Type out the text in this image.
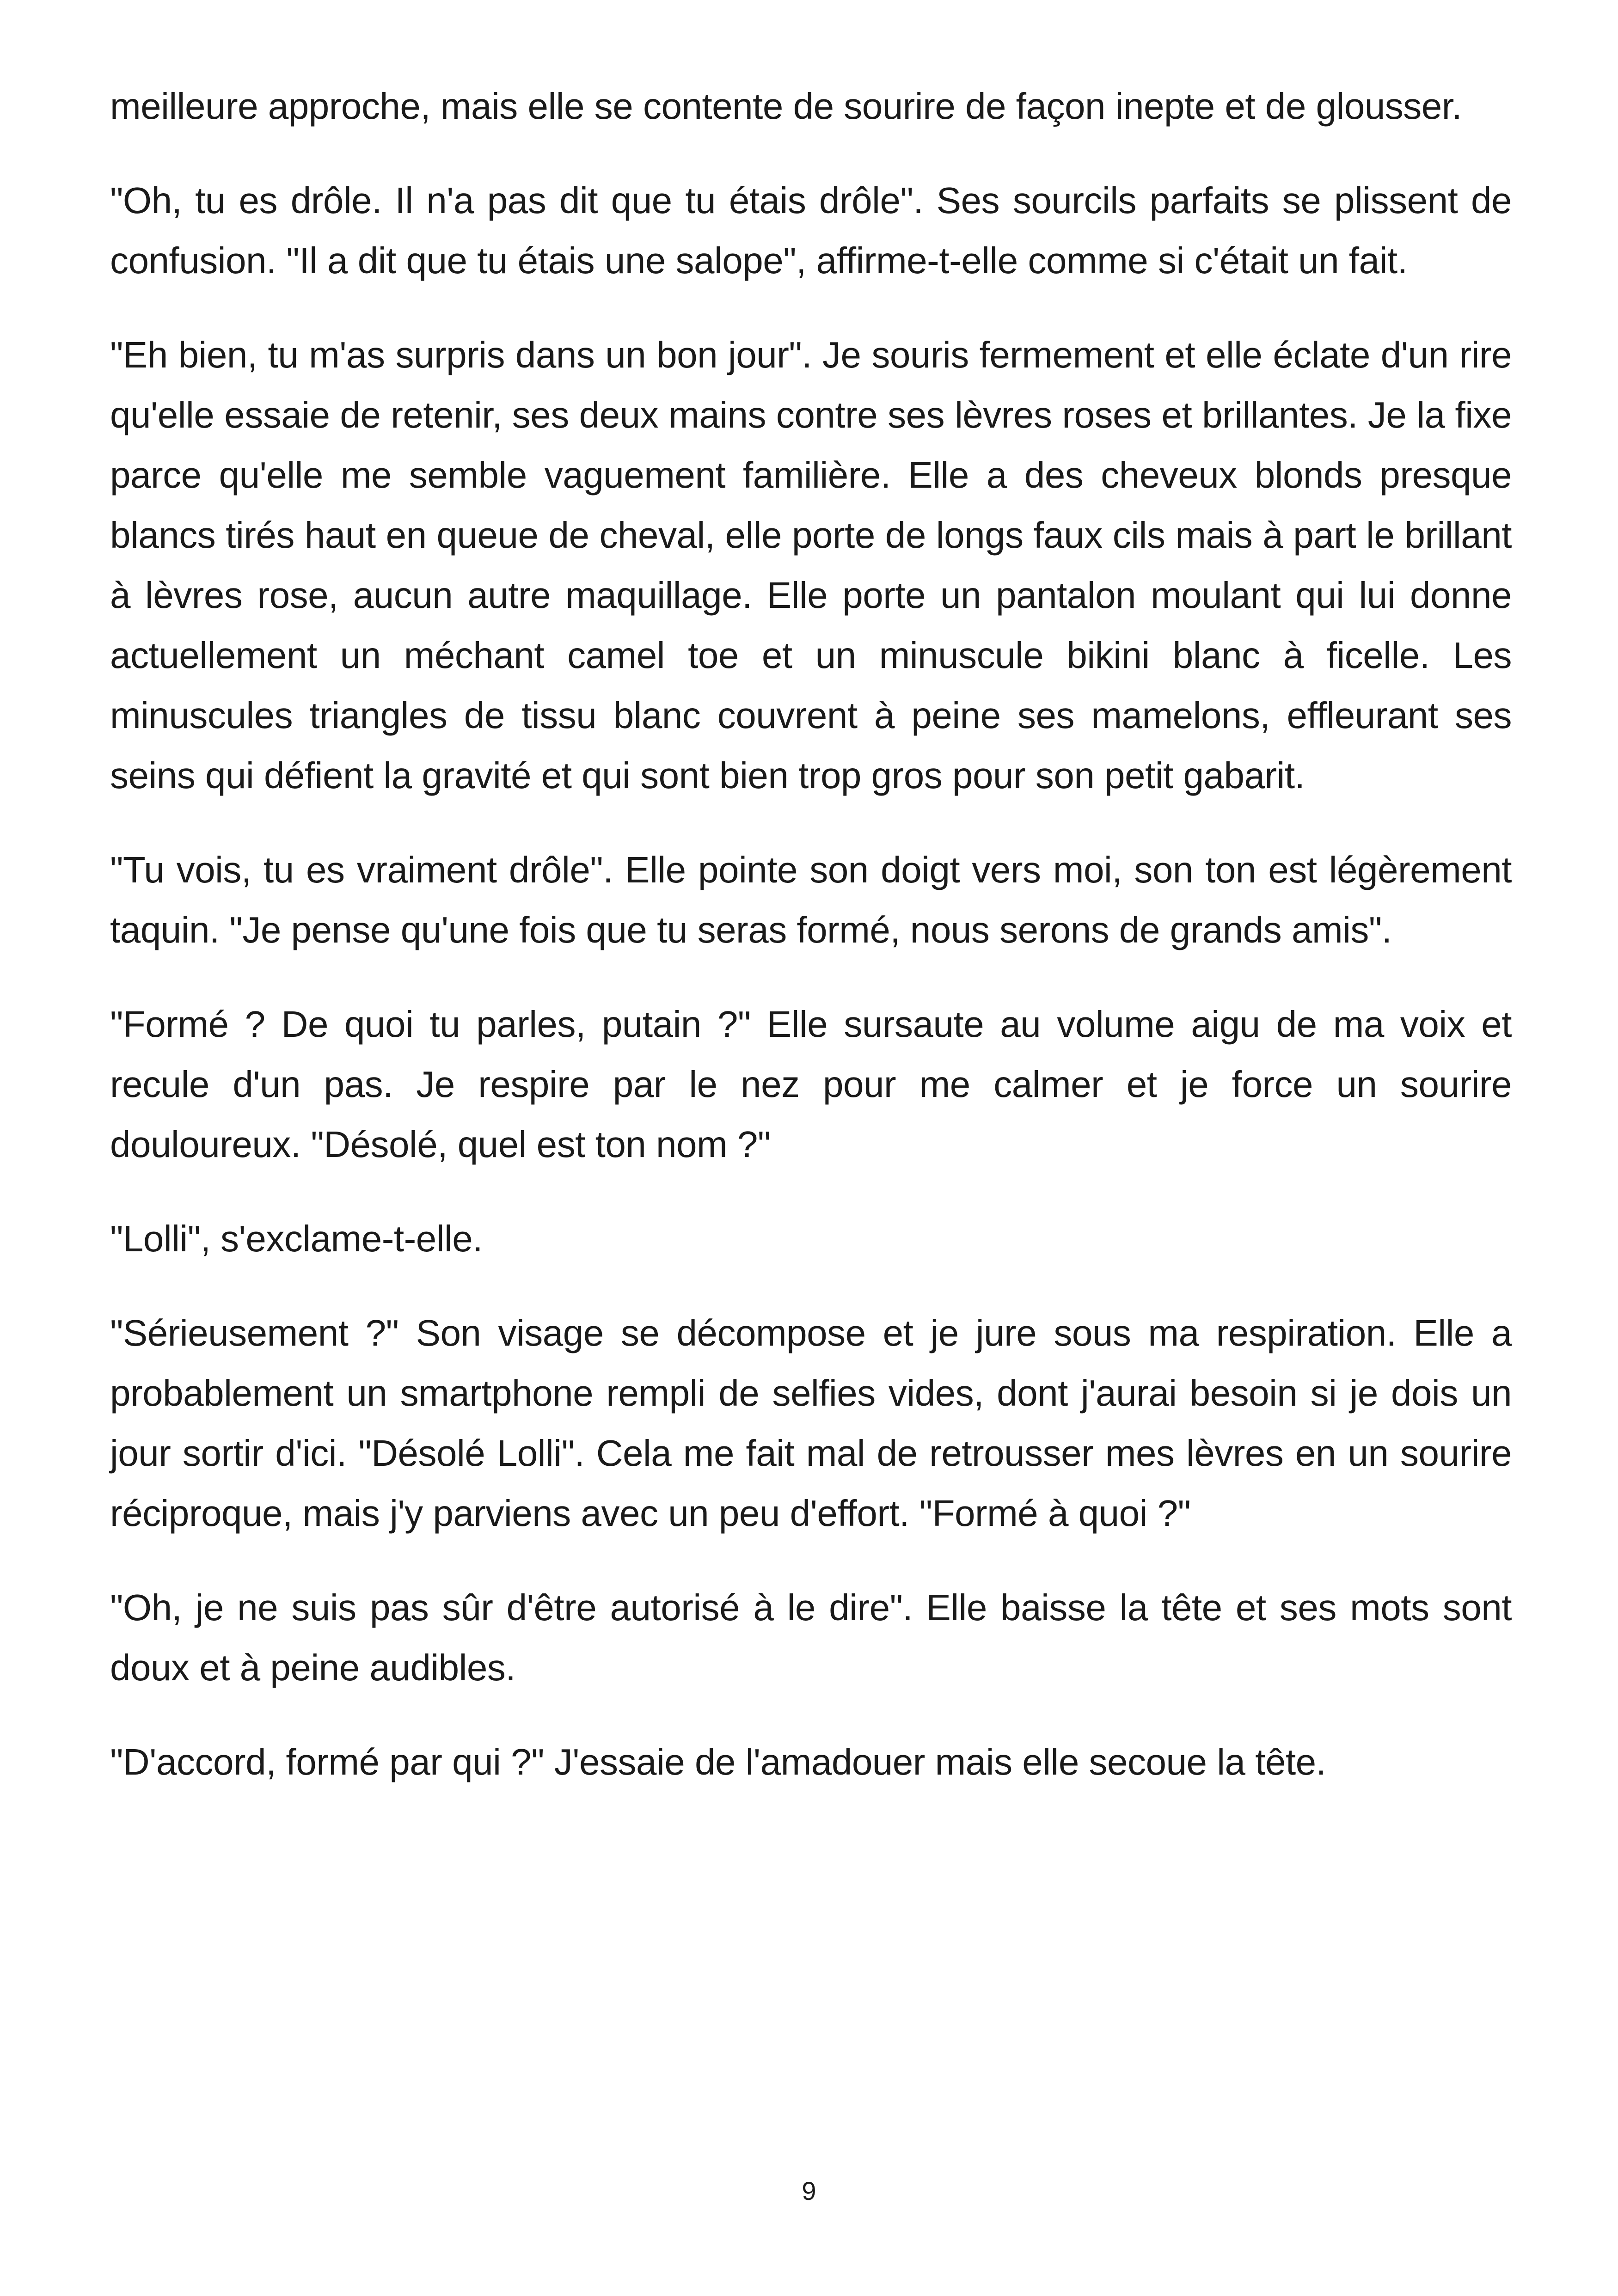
meilleure approche, mais elle se contente de sourire de façon inepte et de glousser.

"Oh, tu es drôle. Il n'a pas dit que tu étais drôle". Ses sourcils parfaits se plissent de confusion. "Il a dit que tu étais une salope", affirme-t-elle comme si c'était un fait.

"Eh bien, tu m'as surpris dans un bon jour". Je souris fermement et elle éclate d'un rire qu'elle essaie de retenir, ses deux mains contre ses lèvres roses et brillantes. Je la fixe parce qu'elle me semble vaguement familière. Elle a des cheveux blonds presque blancs tirés haut en queue de cheval, elle porte de longs faux cils mais à part le brillant à lèvres rose, aucun autre maquillage. Elle porte un pantalon moulant qui lui donne actuellement un méchant camel toe et un minuscule bikini blanc à ficelle. Les minuscules triangles de tissu blanc couvrent à peine ses mamelons, effleurant ses seins qui défient la gravité et qui sont bien trop gros pour son petit gabarit.

"Tu vois, tu es vraiment drôle". Elle pointe son doigt vers moi, son ton est légèrement taquin. "Je pense qu'une fois que tu seras formé, nous serons de grands amis".

"Formé ? De quoi tu parles, putain ?" Elle sursaute au volume aigu de ma voix et recule d'un pas. Je respire par le nez pour me calmer et je force un sourire douloureux. "Désolé, quel est ton nom ?"

"Lolli", s'exclame-t-elle.

"Sérieusement ?" Son visage se décompose et je jure sous ma respiration. Elle a probablement un smartphone rempli de selfies vides, dont j'aurai besoin si je dois un jour sortir d'ici. "Désolé Lolli". Cela me fait mal de retrousser mes lèvres en un sourire réciproque, mais j'y parviens avec un peu d'effort. "Formé à quoi ?"

"Oh, je ne suis pas sûr d'être autorisé à le dire". Elle baisse la tête et ses mots sont doux et à peine audibles.

"D'accord, formé par qui ?" J'essaie de l'amadouer mais elle secoue la tête.

9
